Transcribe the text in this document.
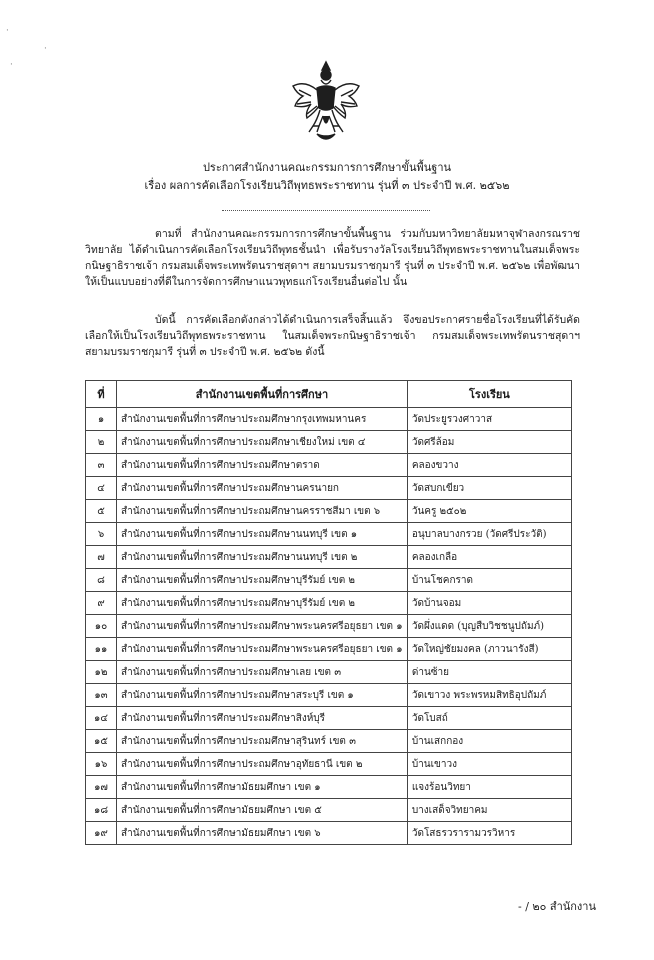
·
·
·
ประกาศสำนักงานคณะกรรมการการศึกษาขั้นพื้นฐาน
เรื่อง ผลการคัดเลือกโรงเรียนวิถีพุทธพระราชทาน รุ่นที่ ๓ ประจำปี พ.ศ. ๒๕๖๒

ตามที่ สำนักงานคณะกรรมการการศึกษาขั้นพื้นฐาน ร่วมกับมหาวิทยาลัยมหาจุฬาลงกรณราชวิทยาลัย ได้ดำเนินการคัดเลือกโรงเรียนวิถีพุทธชั้นนำ เพื่อรับรางวัลโรงเรียนวิถีพุทธพระราชทานในสมเด็จพระกนิษฐาธิราชเจ้า กรมสมเด็จพระเทพรัตนราชสุดาฯ สยามบรมราชกุมารี รุ่นที่ ๓ ประจำปี พ.ศ. ๒๕๖๒ เพื่อพัฒนาให้เป็นแบบอย่างที่ดีในการจัดการศึกษาแนวพุทธแก่โรงเรียนอื่นต่อไป นั้น

บัดนี้ การคัดเลือกดังกล่าวได้ดำเนินการเสร็จสิ้นแล้ว จึงขอประกาศรายชื่อโรงเรียนที่ได้รับคัดเลือกให้เป็นโรงเรียนวิถีพุทธพระราชทาน ในสมเด็จพระกนิษฐาธิราชเจ้า กรมสมเด็จพระเทพรัตนราชสุดาฯ สยามบรมราชกุมารี รุ่นที่ ๓ ประจำปี พ.ศ. ๒๕๖๒ ดังนี้

ที่	สำนักงานเขตพื้นที่การศึกษา	โรงเรียน
๑	สำนักงานเขตพื้นที่การศึกษาประถมศึกษากรุงเทพมหานคร	วัดประยูรวงศาวาส
๒	สำนักงานเขตพื้นที่การศึกษาประถมศึกษาเชียงใหม่ เขต ๔	วัดศรีล้อม
๓	สำนักงานเขตพื้นที่การศึกษาประถมศึกษาตราด	คลองขวาง
๔	สำนักงานเขตพื้นที่การศึกษาประถมศึกษานครนายก	วัดสบกเขียว
๕	สำนักงานเขตพื้นที่การศึกษาประถมศึกษานครราชสีมา เขต ๖	วันครู ๒๕๐๒
๖	สำนักงานเขตพื้นที่การศึกษาประถมศึกษานนทบุรี เขต ๑	อนุบาลบางกรวย (วัดศรีประวัติ)
๗	สำนักงานเขตพื้นที่การศึกษาประถมศึกษานนทบุรี เขต ๒	คลองเกลือ
๘	สำนักงานเขตพื้นที่การศึกษาประถมศึกษาบุรีรัมย์ เขต ๒	บ้านโชคกราด
๙	สำนักงานเขตพื้นที่การศึกษาประถมศึกษาบุรีรัมย์ เขต ๒	วัดบ้านจอม
๑๐	สำนักงานเขตพื้นที่การศึกษาประถมศึกษาพระนครศรีอยุธยา เขต ๑	วัดผึ่งแดด (บุญสืบวิชชนูปถัมภ์)
๑๑	สำนักงานเขตพื้นที่การศึกษาประถมศึกษาพระนครศรีอยุธยา เขต ๑	วัดใหญ่ชัยมงคล (ภาวนารังสี)
๑๒	สำนักงานเขตพื้นที่การศึกษาประถมศึกษาเลย เขต ๓	ด่านซ้าย
๑๓	สำนักงานเขตพื้นที่การศึกษาประถมศึกษาสระบุรี เขต ๑	วัดเขาวง พระพรหมสิทธิอุปถัมภ์
๑๔	สำนักงานเขตพื้นที่การศึกษาประถมศึกษาสิงห์บุรี	วัดโบสถ์
๑๕	สำนักงานเขตพื้นที่การศึกษาประถมศึกษาสุรินทร์ เขต ๓	บ้านเสกกอง
๑๖	สำนักงานเขตพื้นที่การศึกษาประถมศึกษาอุทัยธานี เขต ๒	บ้านเขาวง
๑๗	สำนักงานเขตพื้นที่การศึกษามัธยมศึกษา เขต ๑	แจงร้อนวิทยา
๑๘	สำนักงานเขตพื้นที่การศึกษามัธยมศึกษา เขต ๕	บางเสด็จวิทยาคม
๑๙	สำนักงานเขตพื้นที่การศึกษามัธยมศึกษา เขต ๖	วัดโสธรวรารามวรวิหาร
- / ๒๐ สำนักงาน
